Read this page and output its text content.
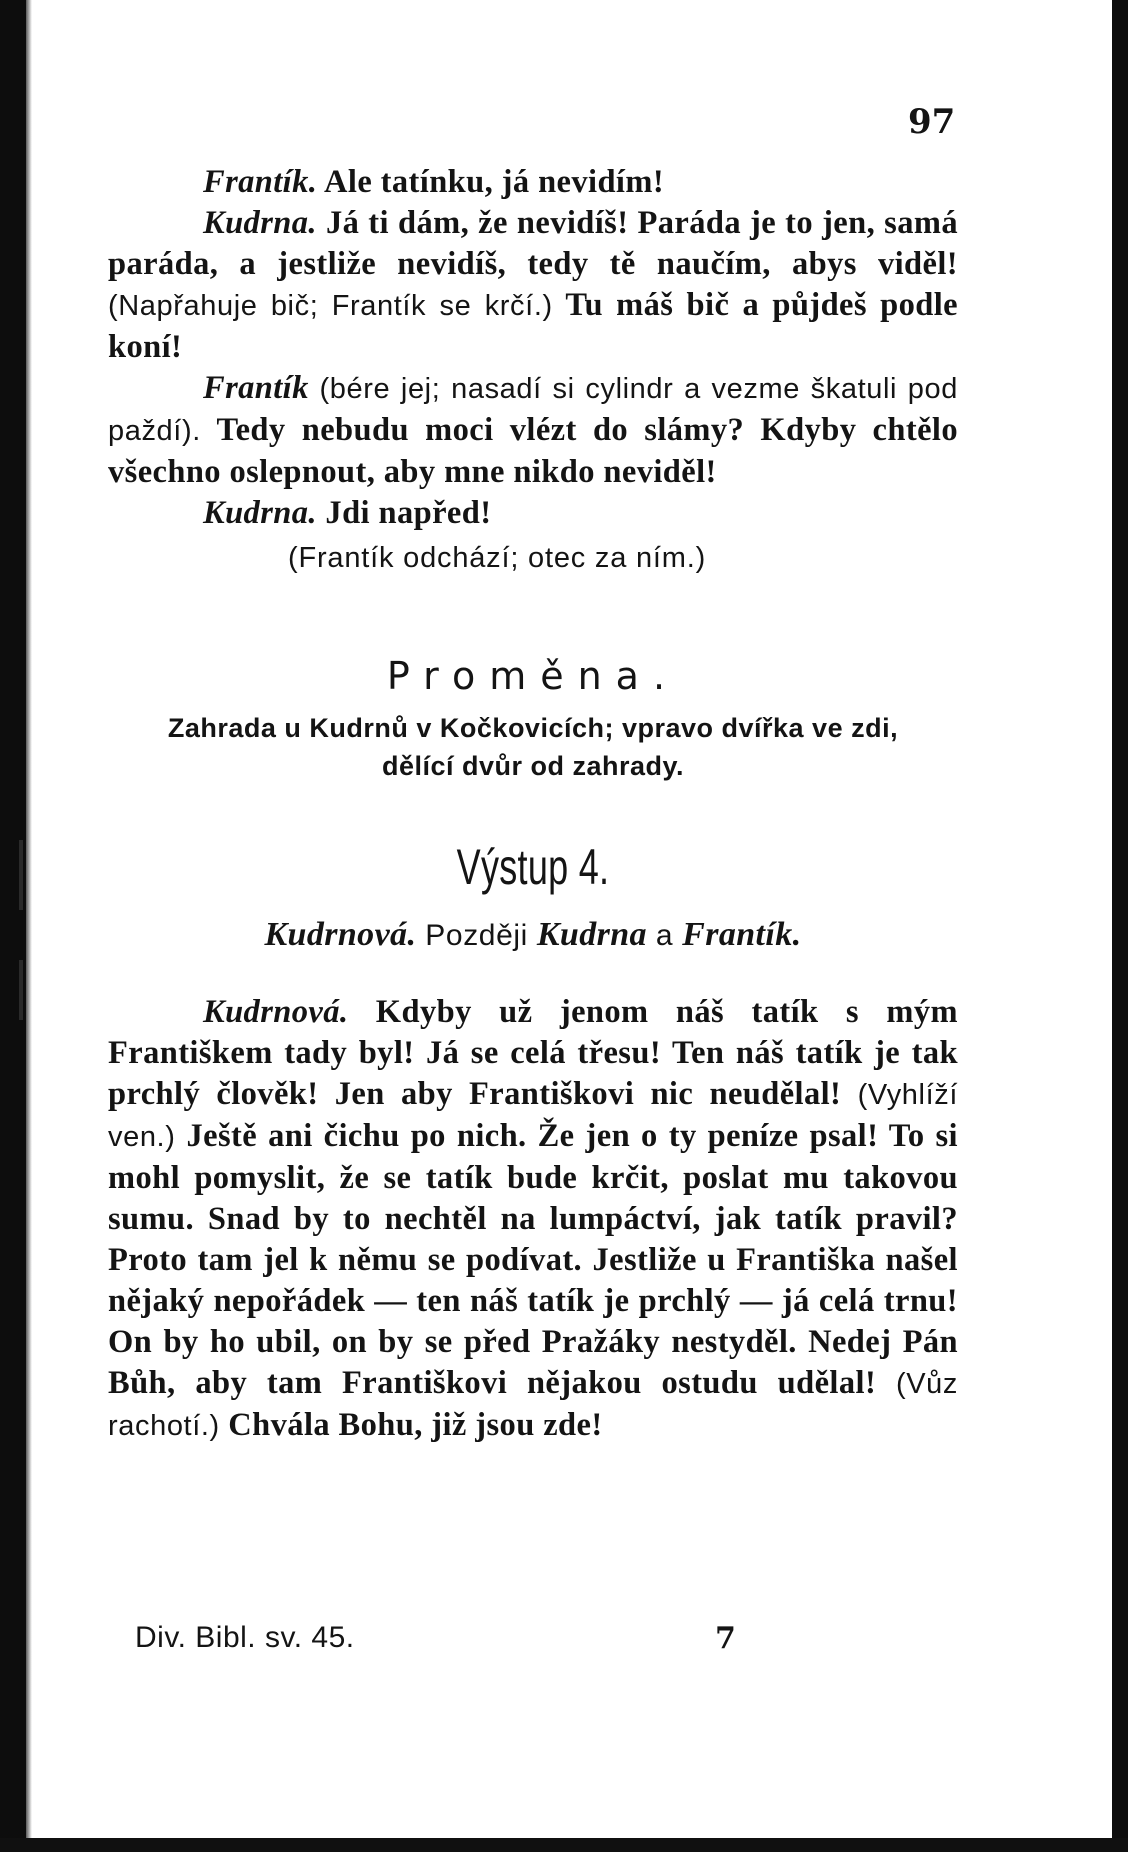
97

Frantík. Ale tatínku, já nevidím!

Kudrna. Já ti dám, že nevidíš! Paráda je to jen, samá paráda, a jestliže nevidíš, tedy tě naučím, abys viděl! (Napřahuje bič; Frantík se krčí.) Tu máš bič a půjdeš podle koní!

Frantík (bére jej; nasadí si cylindr a vezme škatuli pod paždí). Tedy nebudu moci vlézt do slámy? Kdyby chtělo všechno oslepnout, aby mne nikdo neviděl!

Kudrna. Jdi napřed!

(Frantík odchází; otec za ním.)

Proměna.

Zahrada u Kudrnů v Kočkovicích; vpravo dvířka ve zdi,
dělící dvůr od zahrady.

Výstup 4.

Kudrnová. Později Kudrna a Frantík.

Kudrnová. Kdyby už jenom náš tatík s mým Františkem tady byl! Já se celá třesu! Ten náš tatík je tak prchlý člověk! Jen aby Františkovi nic neudělal! (Vyhlíží ven.) Ještě ani čichu po nich. Že jen o ty peníze psal! To si mohl pomyslit, že se tatík bude krčit, poslat mu takovou sumu. Snad by to nechtěl na lumpáctví, jak tatík pravil? Proto tam jel k němu se podívat. Jestliže u Františka našel nějaký nepořádek — ten náš tatík je prchlý — já celá trnu! On by ho ubil, on by se před Pražáky nestyděl. Nedej Pán Bůh, aby tam Františkovi nějakou ostudu udělal! (Vůz rachotí.) Chvála Bohu, již jsou zde!

Div. Bibl. sv. 45.	7
